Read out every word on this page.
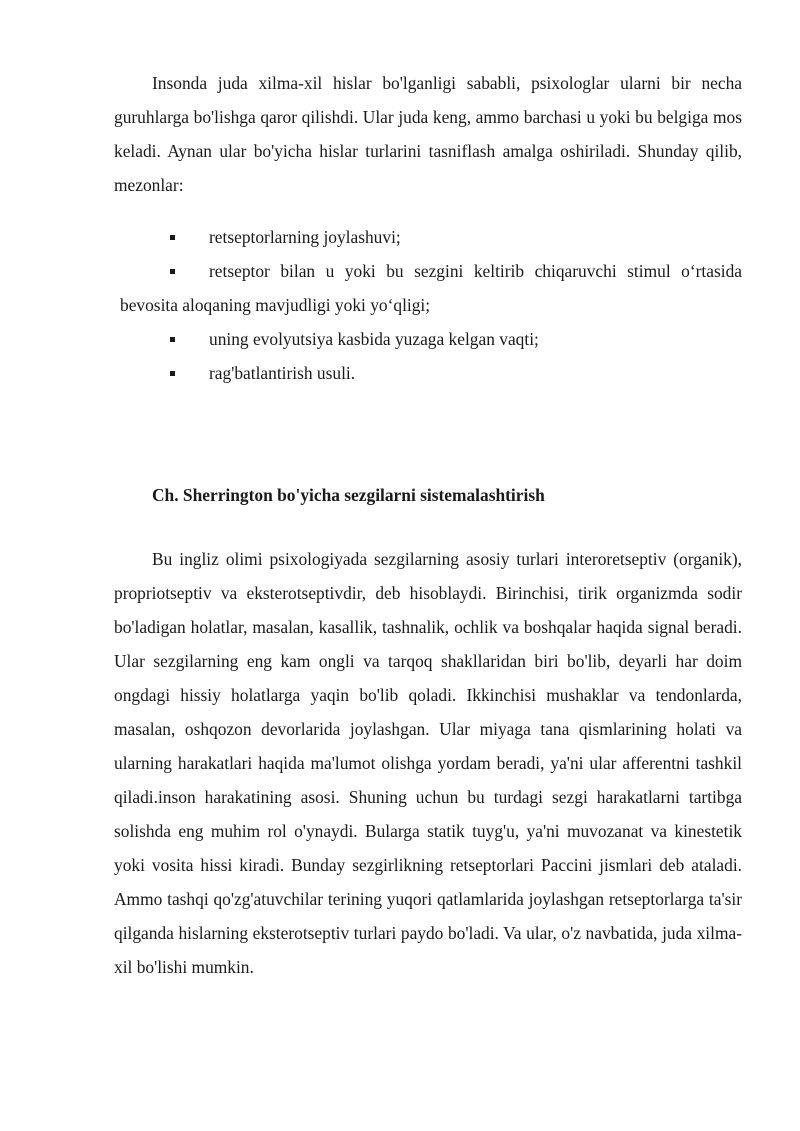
Insonda juda xilma-xil hislar bo'lganligi sababli, psixologlar ularni bir necha guruhlarga bo'lishga qaror qilishdi. Ular juda keng, ammo barchasi u yoki bu belgiga mos keladi. Aynan ular bo'yicha hislar turlarini tasniflash amalga oshiriladi. Shunday qilib, mezonlar:

retseptorlarning joylashuvi;
retseptor bilan u yoki bu sezgini keltirib chiqaruvchi stimul o‘rtasida
bevosita aloqaning mavjudligi yoki yo‘qligi;
uning evolyutsiya kasbida yuzaga kelgan vaqti;
rag'batlantirish usuli.
Ch. Sherrington bo'yicha sezgilarni sistemalashtirish

Bu ingliz olimi psixologiyada sezgilarning asosiy turlari interoretseptiv (organik), propriotseptiv va eksterotseptivdir, deb hisoblaydi. Birinchisi, tirik organizmda sodir bo'ladigan holatlar, masalan, kasallik, tashnalik, ochlik va boshqalar haqida signal beradi. Ular sezgilarning eng kam ongli va tarqoq shakllaridan biri bo'lib, deyarli har doim ongdagi hissiy holatlarga yaqin bo'lib qoladi. Ikkinchisi mushaklar va tendonlarda, masalan, oshqozon devorlarida joylashgan. Ular miyaga tana qismlarining holati va ularning harakatlari haqida ma'lumot olishga yordam beradi, ya'ni ular afferentni tashkil qiladi.inson harakatining asosi. Shuning uchun bu turdagi sezgi harakatlarni tartibga solishda eng muhim rol o'ynaydi. Bularga statik tuyg'u, ya'ni muvozanat va kinestetik yoki vosita hissi kiradi. Bunday sezgirlikning retseptorlari Paccini jismlari deb ataladi. Ammo tashqi qo'zg'atuvchilar terining yuqori qatlamlarida joylashgan retseptorlarga ta'sir qilganda hislarning eksterotseptiv turlari paydo bo'ladi. Va ular, o'z navbatida, juda xilma-xil bo'lishi mumkin.
